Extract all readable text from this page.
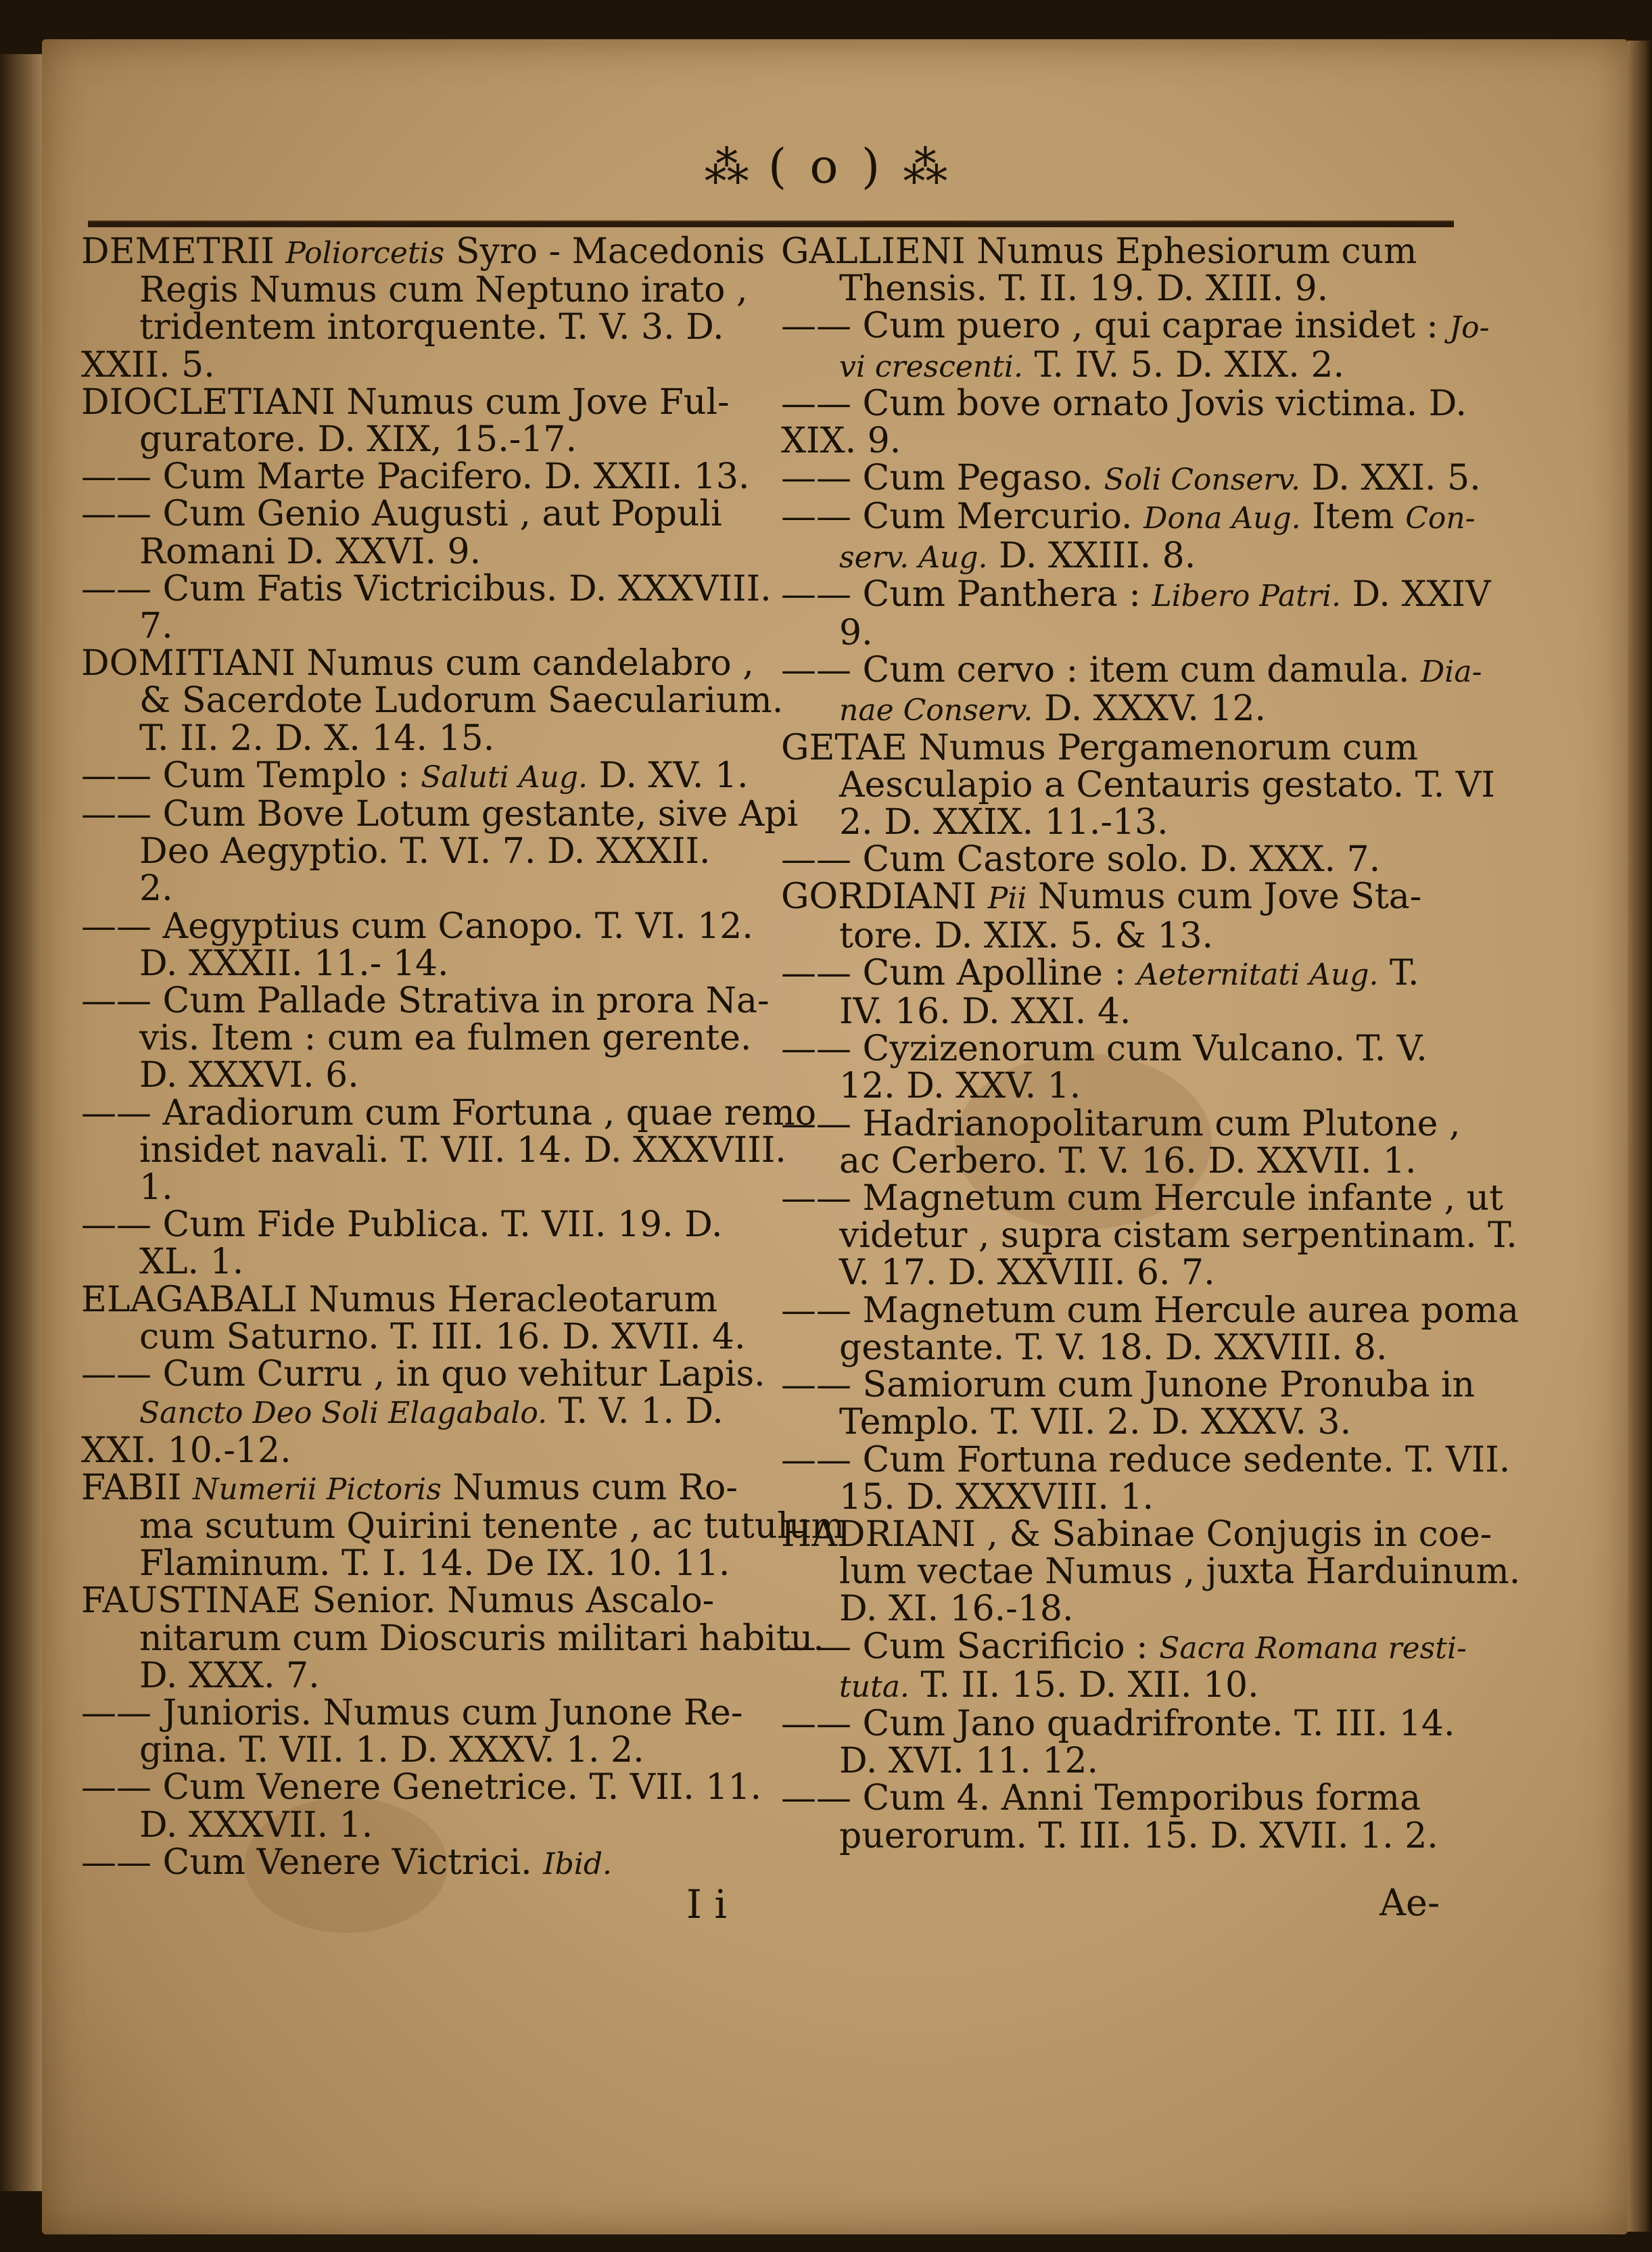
⁂ ( o ) ⁂
DEMETRII Poliorcetis Syro - Macedonis
Regis Numus cum Neptuno irato ,
tridentem intorquente. T. V. 3. D.
XXII. 5.
DIOCLETIANI Numus cum Jove Ful-
guratore. D. XIX, 15.-17.
—— Cum Marte Pacifero. D. XXII. 13.
—— Cum Genio Augusti , aut Populi
Romani D. XXVI. 9.
—— Cum Fatis Victricibus. D. XXXVIII.
7.
DOMITIANI Numus cum candelabro ,
& Sacerdote Ludorum Saecularium.
T. II. 2. D. X. 14. 15.
—— Cum Templo : Saluti Aug. D. XV. 1.
—— Cum Bove Lotum gestante, sive Api
Deo Aegyptio. T. VI. 7. D. XXXII.
2.
—— Aegyptius cum Canopo. T. VI. 12.
D. XXXII. 11.- 14.
—— Cum Pallade Strativa in prora Na-
vis. Item : cum ea fulmen gerente.
D. XXXVI. 6.
—— Aradiorum cum Fortuna , quae remo
insidet navali. T. VII. 14. D. XXXVIII.
1.
—— Cum Fide Publica. T. VII. 19. D.
XL. 1.
ELAGABALI Numus Heracleotarum
cum Saturno. T. III. 16. D. XVII. 4.
—— Cum Curru , in quo vehitur Lapis.
Sancto Deo Soli Elagabalo. T. V. 1. D.
XXI. 10.-12.
FABII Numerii Pictoris Numus cum Ro-
ma scutum Quirini tenente , ac tutulum
Flaminum. T. I. 14. De IX. 10. 11.
FAUSTINAE Senior. Numus Ascalo-
nitarum cum Dioscuris militari habitu.
D. XXX. 7.
—— Junioris. Numus cum Junone Re-
gina. T. VII. 1. D. XXXV. 1. 2.
—— Cum Venere Genetrice. T. VII. 11.
D. XXXVII. 1.
—— Cum Venere Victrici. Ibid.
GALLIENI Numus Ephesiorum cum
Thensis. T. II. 19. D. XIII. 9.
—— Cum puero , qui caprae insidet : Jo-
vi crescenti. T. IV. 5. D. XIX. 2.
—— Cum bove ornato Jovis victima. D.
XIX. 9.
—— Cum Pegaso. Soli Conserv. D. XXI. 5.
—— Cum Mercurio. Dona Aug. Item Con-
serv. Aug. D. XXIII. 8.
—— Cum Panthera : Libero Patri. D. XXIV
9.
—— Cum cervo : item cum damula. Dia-
nae Conserv. D. XXXV. 12.
GETAE Numus Pergamenorum cum
Aesculapio a Centauris gestato. T. VI
2. D. XXIX. 11.-13.
—— Cum Castore solo. D. XXX. 7.
GORDIANI Pii Numus cum Jove Sta-
tore. D. XIX. 5. & 13.
—— Cum Apolline : Aeternitati Aug. T.
IV. 16. D. XXI. 4.
—— Cyzizenorum cum Vulcano. T. V.
12. D. XXV. 1.
—— Hadrianopolitarum cum Plutone ,
ac Cerbero. T. V. 16. D. XXVII. 1.
—— Magnetum cum Hercule infante , ut
videtur , supra cistam serpentinam. T.
V. 17. D. XXVIII. 6. 7.
—— Magnetum cum Hercule aurea poma
gestante. T. V. 18. D. XXVIII. 8.
—— Samiorum cum Junone Pronuba in
Templo. T. VII. 2. D. XXXV. 3.
—— Cum Fortuna reduce sedente. T. VII.
15. D. XXXVIII. 1.
HADRIANI , & Sabinae Conjugis in coe-
lum vectae Numus , juxta Harduinum.
D. XI. 16.-18.
—— Cum Sacrificio : Sacra Romana resti-
tuta. T. II. 15. D. XII. 10.
—— Cum Jano quadrifronte. T. III. 14.
D. XVI. 11. 12.
—— Cum 4. Anni Temporibus forma
puerorum. T. III. 15. D. XVII. 1. 2.
I i	Ae-
